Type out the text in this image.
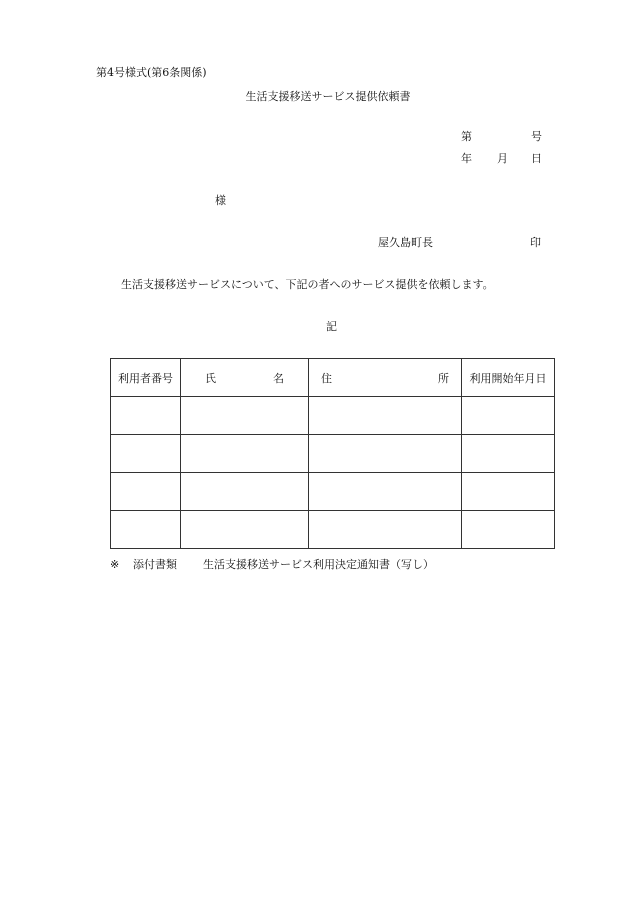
第4号様式(第6条関係)
生活支援移送サービス提供依頼書
第	号
年 月 日
様
屋久島町長	印
生活支援移送サービスについて、下記の者へのサービス提供を依頼します。
記
利用者番号	氏 名	住 所	利用開始年月日

※ 添付書類 生活支援移送サービス利用決定通知書（写し）
